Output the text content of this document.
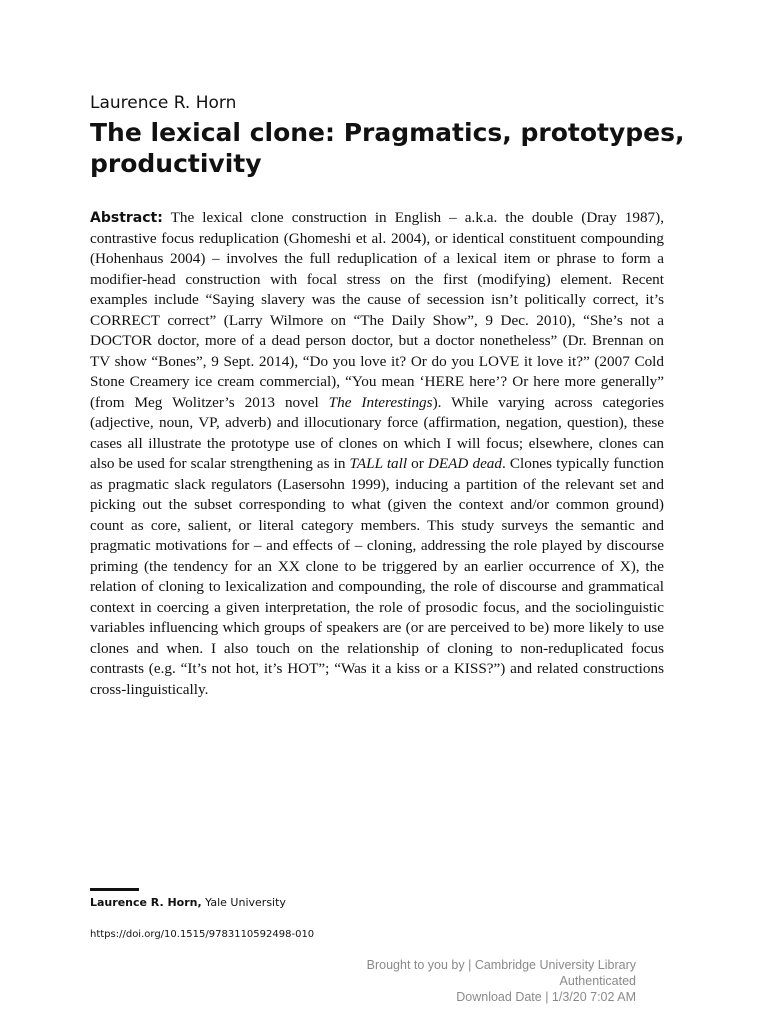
Laurence R. Horn
The lexical clone: Pragmatics, prototypes, productivity

Abstract: The lexical clone construction in English – a.k.a. the double (Dray 1987), contrastive focus reduplication (Ghomeshi et al. 2004), or identical constituent compounding (Hohenhaus 2004) – involves the full reduplication of a lexical item or phrase to form a modifier-head construction with focal stress on the first (modifying) element. Recent examples include “Saying slavery was the cause of secession isn’t politically correct, it’s CORRECT correct” (Larry Wilmore on “The Daily Show”, 9 Dec. 2010), “She’s not a DOCTOR doctor, more of a dead person doctor, but a doctor nonetheless” (Dr. Brennan on TV show “Bones”, 9 Sept. 2014), “Do you love it? Or do you LOVE it love it?” (2007 Cold Stone Creamery ice cream commercial), “You mean ‘HERE here’? Or here more generally” (from Meg Wolitzer’s 2013 novel The Interestings). While varying across categories (adjective, noun, VP, adverb) and illocutionary force (affirmation, negation, question), these cases all illustrate the prototype use of clones on which I will focus; elsewhere, clones can also be used for scalar strengthening as in TALL tall or DEAD dead. Clones typically function as pragmatic slack regulators (Lasersohn 1999), inducing a partition of the relevant set and picking out the subset corresponding to what (given the context and/or common ground) count as core, salient, or literal category members. This study surveys the semantic and pragmatic motivations for – and effects of – cloning, addressing the role played by discourse priming (the tendency for an XX clone to be triggered by an earlier occurrence of X), the relation of cloning to lexicalization and compounding, the role of discourse and grammatical context in coercing a given interpretation, the role of prosodic focus, and the sociolinguistic variables influencing which groups of speakers are (or are perceived to be) more likely to use clones and when. I also touch on the relationship of cloning to non-reduplicated focus contrasts (e.g. “It’s not hot, it’s HOT”; “Was it a kiss or a KISS?”) and related constructions cross-linguistically.

Laurence R. Horn, Yale University
https://doi.org/10.1515/9783110592498-010
Brought to you by | Cambridge University Library
Authenticated
Download Date | 1/3/20 7:02 AM
